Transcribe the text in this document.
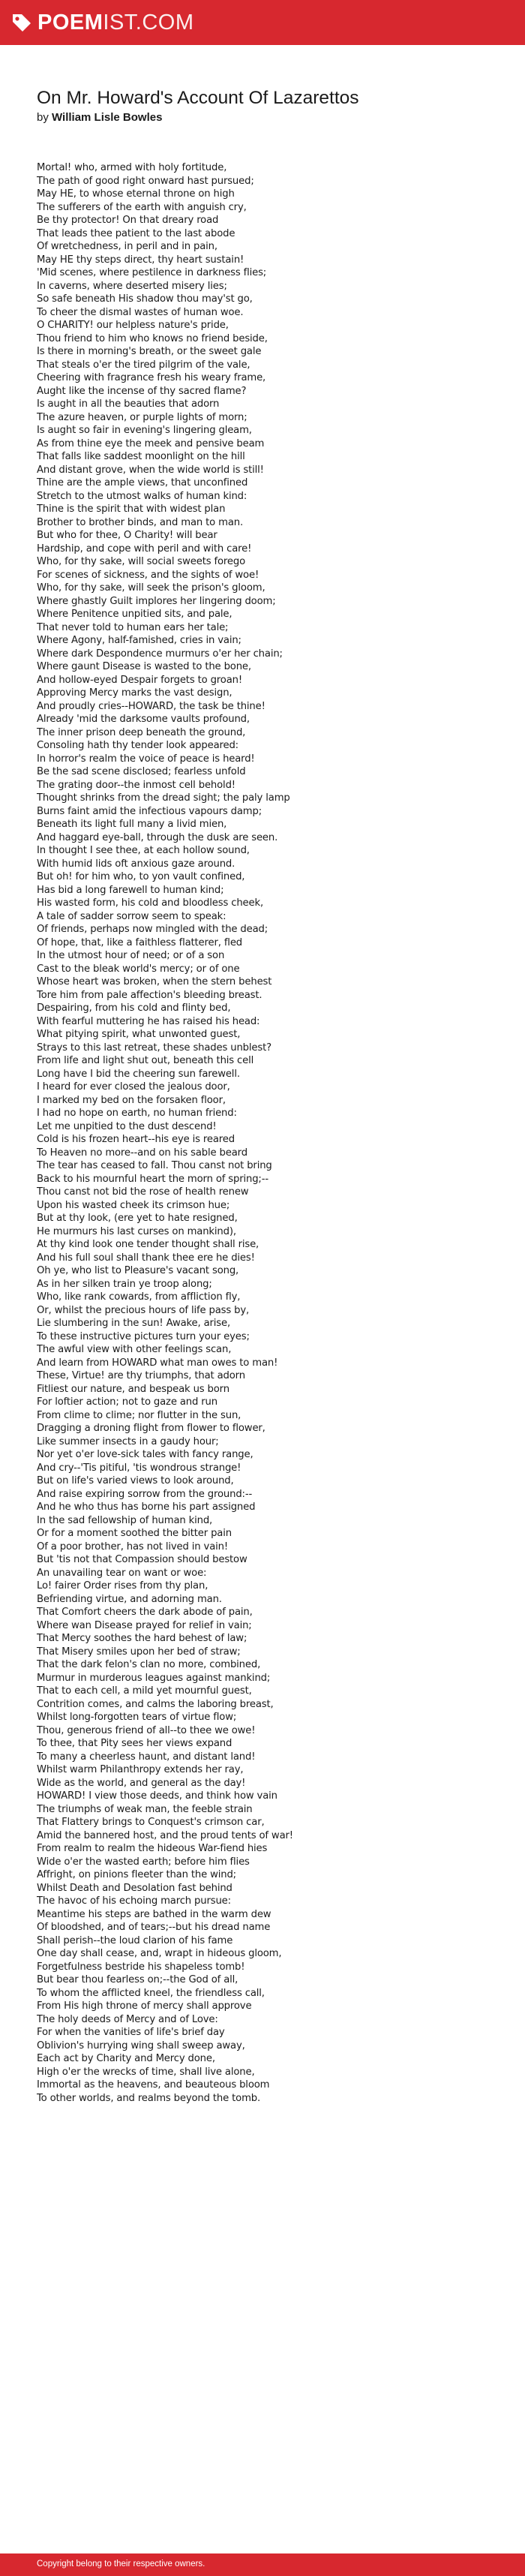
POEMIST.COM
On Mr. Howard's Account Of Lazarettos
by William Lisle Bowles
Mortal! who, armed with holy fortitude,
The path of good right onward hast pursued;
May HE, to whose eternal throne on high
The sufferers of the earth with anguish cry,
Be thy protector! On that dreary road
That leads thee patient to the last abode
Of wretchedness, in peril and in pain,
May HE thy steps direct, thy heart sustain!
'Mid scenes, where pestilence in darkness flies;
In caverns, where deserted misery lies;
So safe beneath His shadow thou may'st go,
To cheer the dismal wastes of human woe.
O CHARITY! our helpless nature's pride,
Thou friend to him who knows no friend beside,
Is there in morning's breath, or the sweet gale
That steals o'er the tired pilgrim of the vale,
Cheering with fragrance fresh his weary frame,
Aught like the incense of thy sacred flame?
Is aught in all the beauties that adorn
The azure heaven, or purple lights of morn;
Is aught so fair in evening's lingering gleam,
As from thine eye the meek and pensive beam
That falls like saddest moonlight on the hill
And distant grove, when the wide world is still!
Thine are the ample views, that unconfined
Stretch to the utmost walks of human kind:
Thine is the spirit that with widest plan
Brother to brother binds, and man to man.
But who for thee, O Charity! will bear
Hardship, and cope with peril and with care!
Who, for thy sake, will social sweets forego
For scenes of sickness, and the sights of woe!
Who, for thy sake, will seek the prison's gloom,
Where ghastly Guilt implores her lingering doom;
Where Penitence unpitied sits, and pale,
That never told to human ears her tale;
Where Agony, half-famished, cries in vain;
Where dark Despondence murmurs o'er her chain;
Where gaunt Disease is wasted to the bone,
And hollow-eyed Despair forgets to groan!
Approving Mercy marks the vast design,
And proudly cries--HOWARD, the task be thine!
Already 'mid the darksome vaults profound,
The inner prison deep beneath the ground,
Consoling hath thy tender look appeared:
In horror's realm the voice of peace is heard!
Be the sad scene disclosed; fearless unfold
The grating door--the inmost cell behold!
Thought shrinks from the dread sight; the paly lamp
Burns faint amid the infectious vapours damp;
Beneath its light full many a livid mien,
And haggard eye-ball, through the dusk are seen.
In thought I see thee, at each hollow sound,
With humid lids oft anxious gaze around.
But oh! for him who, to yon vault confined,
Has bid a long farewell to human kind;
His wasted form, his cold and bloodless cheek,
A tale of sadder sorrow seem to speak:
Of friends, perhaps now mingled with the dead;
Of hope, that, like a faithless flatterer, fled
In the utmost hour of need; or of a son
Cast to the bleak world's mercy; or of one
Whose heart was broken, when the stern behest
Tore him from pale affection's bleeding breast.
Despairing, from his cold and flinty bed,
With fearful muttering he has raised his head:
What pitying spirit, what unwonted guest,
Strays to this last retreat, these shades unblest?
From life and light shut out, beneath this cell
Long have I bid the cheering sun farewell.
I heard for ever closed the jealous door,
I marked my bed on the forsaken floor,
I had no hope on earth, no human friend:
Let me unpitied to the dust descend!
Cold is his frozen heart--his eye is reared
To Heaven no more--and on his sable beard
The tear has ceased to fall. Thou canst not bring
Back to his mournful heart the morn of spring;--
Thou canst not bid the rose of health renew
Upon his wasted cheek its crimson hue;
But at thy look, (ere yet to hate resigned,
He murmurs his last curses on mankind),
At thy kind look one tender thought shall rise,
And his full soul shall thank thee ere he dies!
Oh ye, who list to Pleasure's vacant song,
As in her silken train ye troop along;
Who, like rank cowards, from affliction fly,
Or, whilst the precious hours of life pass by,
Lie slumbering in the sun! Awake, arise,
To these instructive pictures turn your eyes;
The awful view with other feelings scan,
And learn from HOWARD what man owes to man!
These, Virtue! are thy triumphs, that adorn
Fitliest our nature, and bespeak us born
For loftier action; not to gaze and run
From clime to clime; nor flutter in the sun,
Dragging a droning flight from flower to flower,
Like summer insects in a gaudy hour;
Nor yet o'er love-sick tales with fancy range,
And cry--'Tis pitiful, 'tis wondrous strange!
But on life's varied views to look around,
And raise expiring sorrow from the ground:--
And he who thus has borne his part assigned
In the sad fellowship of human kind,
Or for a moment soothed the bitter pain
Of a poor brother, has not lived in vain!
But 'tis not that Compassion should bestow
An unavailing tear on want or woe:
Lo! fairer Order rises from thy plan,
Befriending virtue, and adorning man.
That Comfort cheers the dark abode of pain,
Where wan Disease prayed for relief in vain;
That Mercy soothes the hard behest of law;
That Misery smiles upon her bed of straw;
That the dark felon's clan no more, combined,
Murmur in murderous leagues against mankind;
That to each cell, a mild yet mournful guest,
Contrition comes, and calms the laboring breast,
Whilst long-forgotten tears of virtue flow;
Thou, generous friend of all--to thee we owe!
To thee, that Pity sees her views expand
To many a cheerless haunt, and distant land!
Whilst warm Philanthropy extends her ray,
Wide as the world, and general as the day!
HOWARD! I view those deeds, and think how vain
The triumphs of weak man, the feeble strain
That Flattery brings to Conquest's crimson car,
Amid the bannered host, and the proud tents of war!
From realm to realm the hideous War-fiend hies
Wide o'er the wasted earth; before him flies
Affright, on pinions fleeter than the wind;
Whilst Death and Desolation fast behind
The havoc of his echoing march pursue:
Meantime his steps are bathed in the warm dew
Of bloodshed, and of tears;--but his dread name
Shall perish--the loud clarion of his fame
One day shall cease, and, wrapt in hideous gloom,
Forgetfulness bestride his shapeless tomb!
But bear thou fearless on;--the God of all,
To whom the afflicted kneel, the friendless call,
From His high throne of mercy shall approve
The holy deeds of Mercy and of Love:
For when the vanities of life's brief day
Oblivion's hurrying wing shall sweep away,
Each act by Charity and Mercy done,
High o'er the wrecks of time, shall live alone,
Immortal as the heavens, and beauteous bloom
To other worlds, and realms beyond the tomb.
Copyright belong to their respective owners.
